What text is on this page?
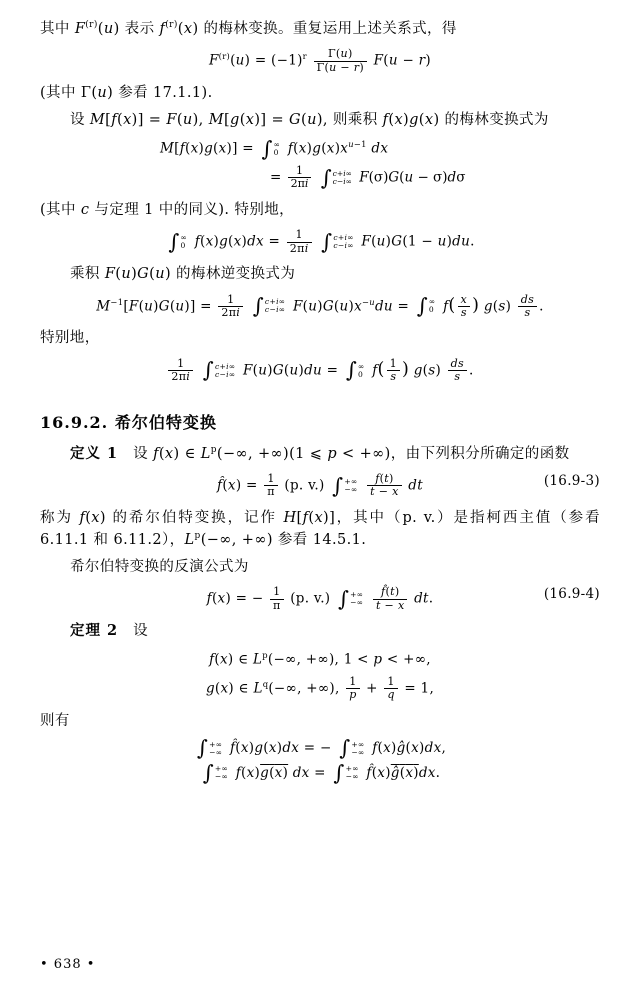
其中 $F^{(r)}(u)$ 表示 $f^{(r)}(x)$ 的梅林变换。重复运用上述关系式，得

$F^{(r)}(u) = (-1)^r \frac{\Gamma(u)}{\Gamma(u - r)} F(u - r)$

(其中 Γ(u) 参看 17.1.1).

设 M[f(x)] = F(u), M[g(x)] = G(u), 则乘积 f(x)g(x) 的梅林变换式为

M[f(x)g(x)] = ∫ ∞
0 $f(x)g(x)x^{u-1}$ dx
= $\frac{1}{2\pi i}$ ∫ c+i∞
c−i∞ F(σ)G(u − σ)dσ

(其中 c 与定理 1 中的同义). 特别地，

∫ ∞
0 $f(x)g(x)dx = \frac{1}{2\pi i}$ ∫ c+i∞
c−i∞ F(u)G(1 − u)du.

乘积 F(u)G(u) 的梅林逆变换式为

$M^{-1}[F(u)G(u)] = \frac{1}{2\pi i}$ ∫ c+i∞
c−i∞ $F(u)G(u)x^{-u}du$ = ∫ ∞
0 $f( \frac{x}{s}$ ) $g(s) \frac{ds}{s}$ .

特别地，

$\frac{1}{2\pi i}$ ∫ c+i∞
c−i∞ F(u)G(u)du = ∫ ∞
0 $f( \frac{1}{s}$ ) $g(s) \frac{ds}{s}$ .
16.9.2. 希尔伯特变换

定义 1   设 f(x) ∈ $L^p(-\infty$, +∞)(1 ⩽ p < +∞)，由下列积分所确定的函数

(16.9-3)
f̂(x) = $\frac{1}{\pi} (p$. v.) ∫ +∞
−∞
$\frac{f(t)}{t - x}$ dt

称为 f(x) 的希尔伯特变换，记作 H[f(x)]，其中（p. v.）是指柯西主值（参看 6.11.1 和 6.11.2），$L^p(-\infty$, +∞) 参看 14.5.1.

希尔伯特变换的反演公式为

(16.9-4)
f(x) = − $\frac{1}{\pi} (p$. v.) ∫ +∞
−∞
$\frac{f̂(t)}{t - x}$ dt.

定理 2 设

f(x) ∈ $L^p(-\infty$, +∞), 1 < p < +∞,
g(x) ∈ $L^q(-\infty$, +∞), $\frac{1}{p} + \frac{1}{q} = 1$,

则有

∫ +∞
−∞ f̂(x)g(x)dx = − ∫ +∞
−∞ f(x)ĝ(x)dx,
∫ +∞
−∞ f(x)g(x) dx = ∫ +∞
−∞ f̂(x)ĝ(x)dx.
• 638 •
